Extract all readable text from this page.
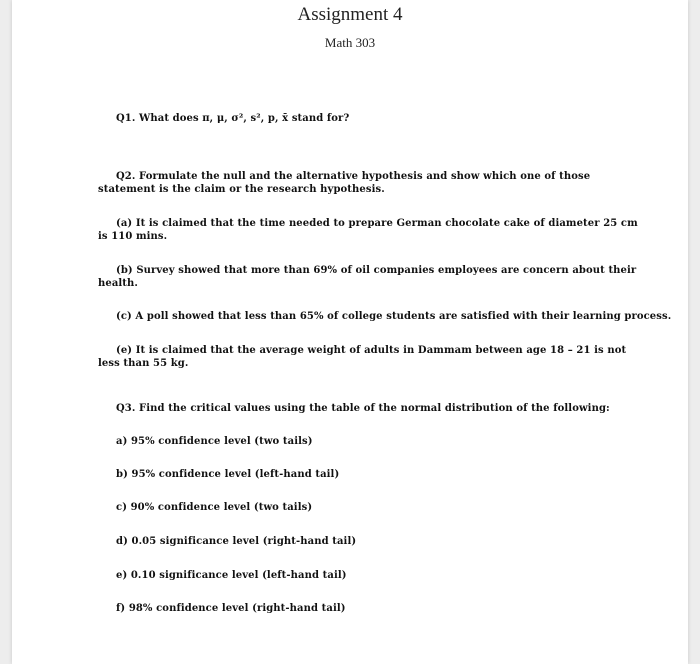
Assignment 4
Math 303
Q1. What does π, μ, σ², s², p, x̄ stand for?
Q2. Formulate the null and the alternative hypothesis and show which one of those statement is the claim or the research hypothesis.
(a) It is claimed that the time needed to prepare German chocolate cake of diameter 25 cm is 110 mins.
(b) Survey showed that more than 69% of oil companies employees are concern about their health.
(c) A poll showed that less than 65% of college students are satisfied with their learning process.
(e) It is claimed that the average weight of adults in Dammam between age 18 – 21 is not less than 55 kg.
Q3. Find the critical values using the table of the normal distribution of the following:
a) 95% confidence level (two tails)
b) 95% confidence level (left-hand tail)
c) 90% confidence level (two tails)
d) 0.05 significance level (right-hand tail)
e) 0.10 significance level (left-hand tail)
f) 98% confidence level (right-hand tail)
